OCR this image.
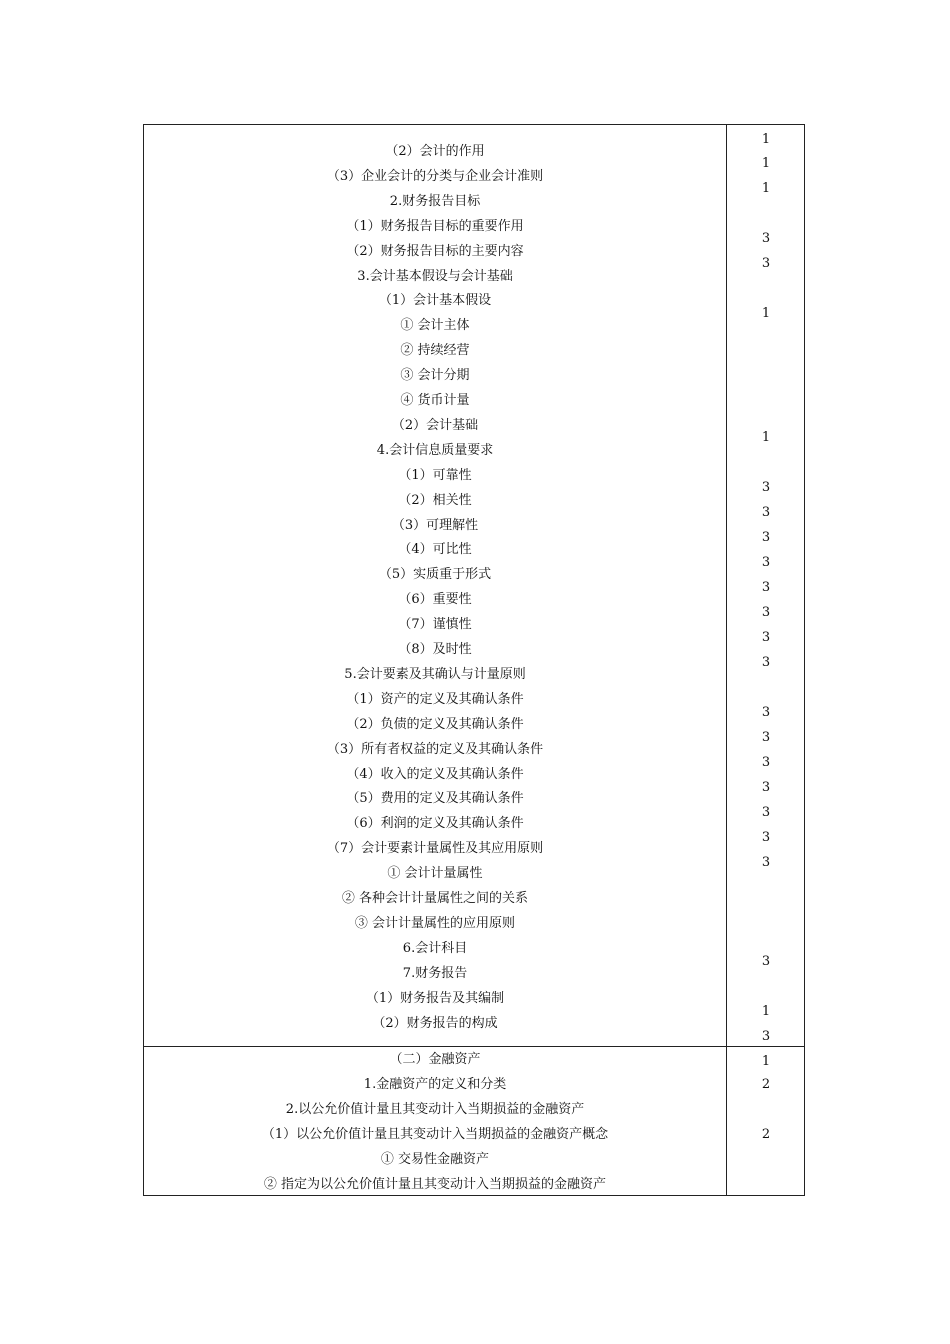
（2）会计的作用
（3）企业会计的分类与企业会计准则
2.财务报告目标
（1）财务报告目标的重要作用
（2）财务报告目标的主要内容
3.会计基本假设与会计基础
（1）会计基本假设
① 会计主体
② 持续经营
③ 会计分期
④ 货币计量
（2）会计基础
4.会计信息质量要求
（1）可靠性
（2）相关性
（3）可理解性
（4）可比性
（5）实质重于形式
（6）重要性
（7）谨慎性
（8）及时性
5.会计要素及其确认与计量原则
（1）资产的定义及其确认条件
（2）负债的定义及其确认条件
（3）所有者权益的定义及其确认条件
（4）收入的定义及其确认条件
（5）费用的定义及其确认条件
（6）利润的定义及其确认条件
（7）会计要素计量属性及其应用原则
① 会计计量属性
② 各种会计计量属性之间的关系
③ 会计计量属性的应用原则
6.会计科目
7.财务报告
（1）财务报告及其编制
（2）财务报告的构成
1
1
1
3
3
1
1
3
3
3
3
3
3
3
3
3
3
3
3
3
3
3
3
1
3
1
（二）金融资产
1.金融资产的定义和分类
2.以公允价值计量且其变动计入当期损益的金融资产
（1）以公允价值计量且其变动计入当期损益的金融资产概念
① 交易性金融资产
② 指定为以公允价值计量且其变动计入当期损益的金融资产
2
2
